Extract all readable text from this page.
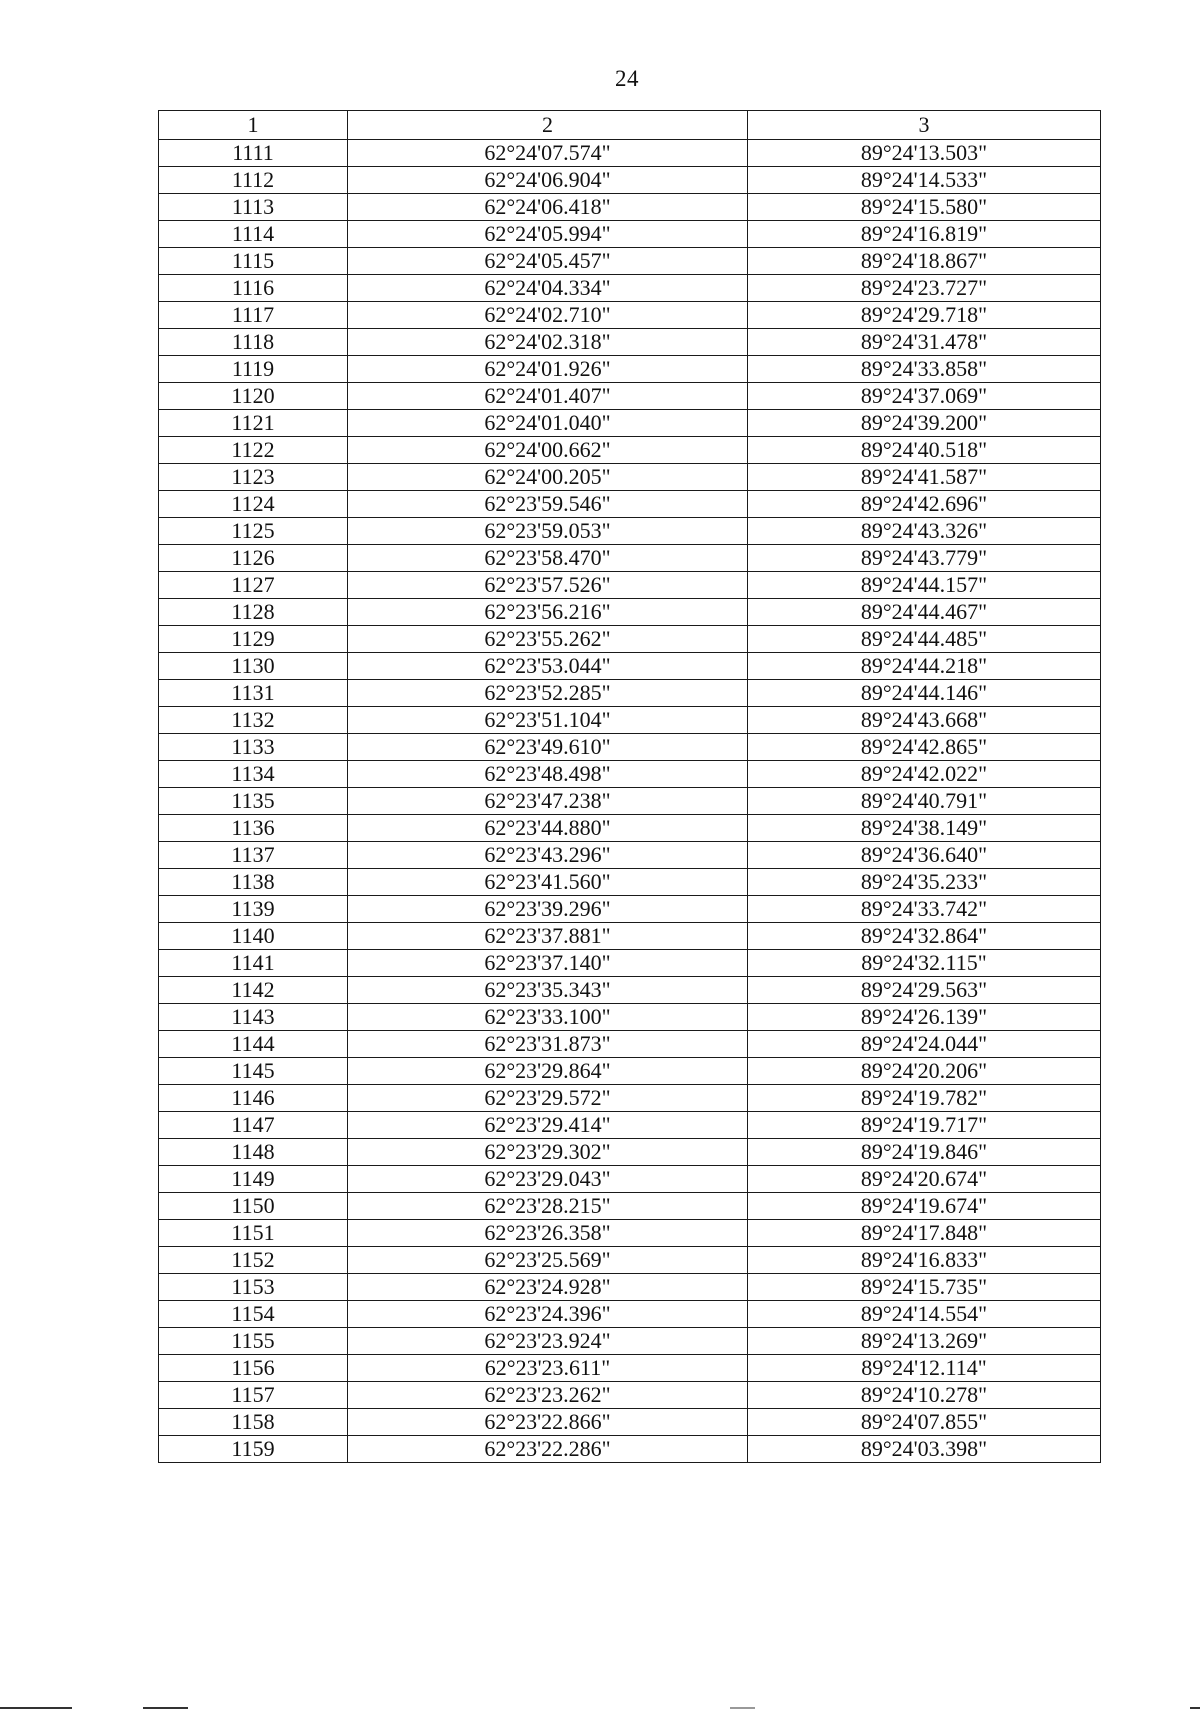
24
1	2	3
1111	62°24'07.574"	89°24'13.503"
1112	62°24'06.904"	89°24'14.533"
1113	62°24'06.418"	89°24'15.580"
1114	62°24'05.994"	89°24'16.819"
1115	62°24'05.457"	89°24'18.867"
1116	62°24'04.334"	89°24'23.727"
1117	62°24'02.710"	89°24'29.718"
1118	62°24'02.318"	89°24'31.478"
1119	62°24'01.926"	89°24'33.858"
1120	62°24'01.407"	89°24'37.069"
1121	62°24'01.040"	89°24'39.200"
1122	62°24'00.662"	89°24'40.518"
1123	62°24'00.205"	89°24'41.587"
1124	62°23'59.546"	89°24'42.696"
1125	62°23'59.053"	89°24'43.326"
1126	62°23'58.470"	89°24'43.779"
1127	62°23'57.526"	89°24'44.157"
1128	62°23'56.216"	89°24'44.467"
1129	62°23'55.262"	89°24'44.485"
1130	62°23'53.044"	89°24'44.218"
1131	62°23'52.285"	89°24'44.146"
1132	62°23'51.104"	89°24'43.668"
1133	62°23'49.610"	89°24'42.865"
1134	62°23'48.498"	89°24'42.022"
1135	62°23'47.238"	89°24'40.791"
1136	62°23'44.880"	89°24'38.149"
1137	62°23'43.296"	89°24'36.640"
1138	62°23'41.560"	89°24'35.233"
1139	62°23'39.296"	89°24'33.742"
1140	62°23'37.881"	89°24'32.864"
1141	62°23'37.140"	89°24'32.115"
1142	62°23'35.343"	89°24'29.563"
1143	62°23'33.100"	89°24'26.139"
1144	62°23'31.873"	89°24'24.044"
1145	62°23'29.864"	89°24'20.206"
1146	62°23'29.572"	89°24'19.782"
1147	62°23'29.414"	89°24'19.717"
1148	62°23'29.302"	89°24'19.846"
1149	62°23'29.043"	89°24'20.674"
1150	62°23'28.215"	89°24'19.674"
1151	62°23'26.358"	89°24'17.848"
1152	62°23'25.569"	89°24'16.833"
1153	62°23'24.928"	89°24'15.735"
1154	62°23'24.396"	89°24'14.554"
1155	62°23'23.924"	89°24'13.269"
1156	62°23'23.611"	89°24'12.114"
1157	62°23'23.262"	89°24'10.278"
1158	62°23'22.866"	89°24'07.855"
1159	62°23'22.286"	89°24'03.398"
